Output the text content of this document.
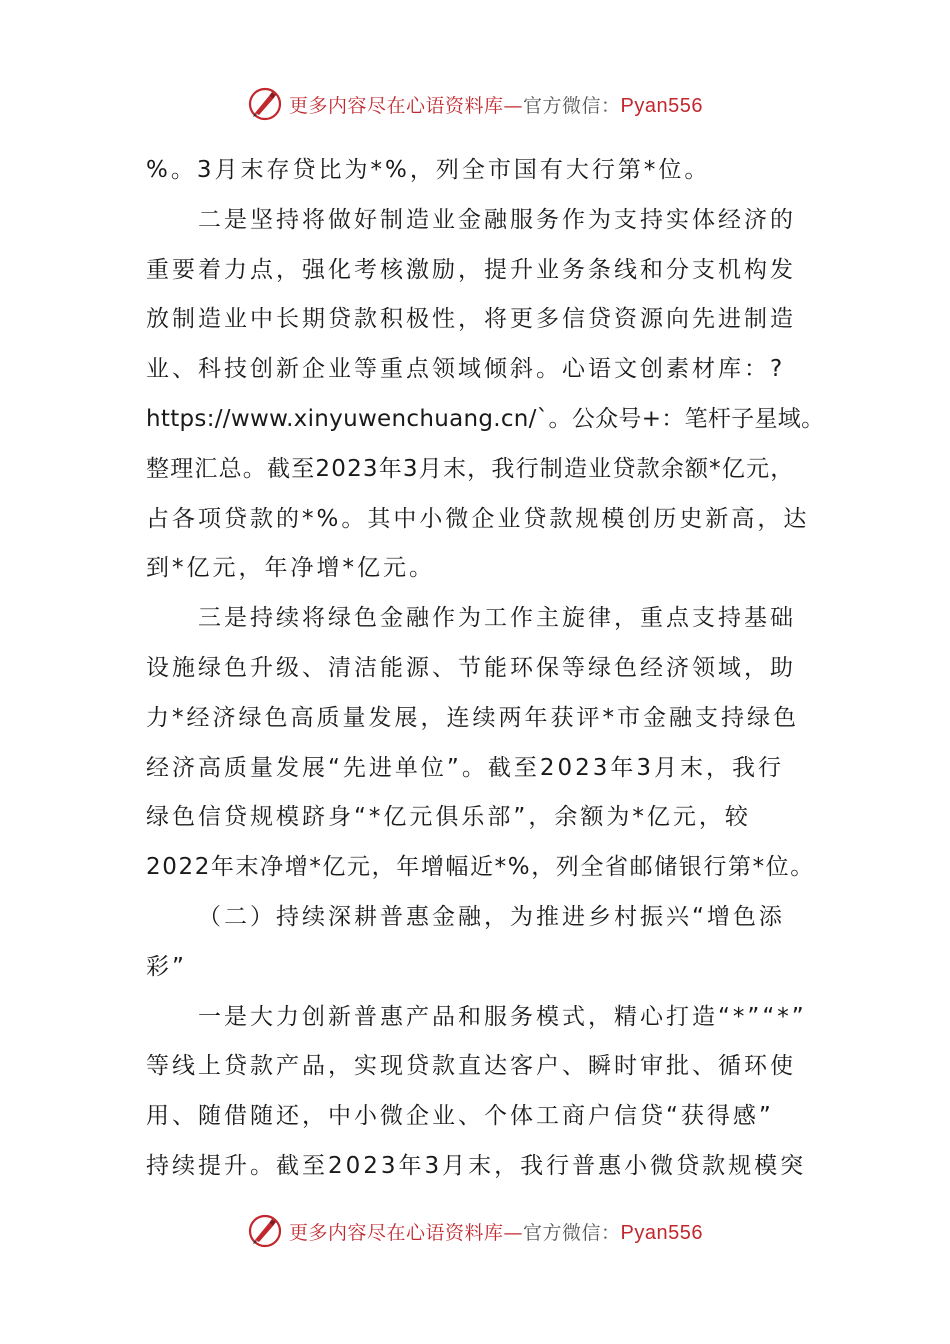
更多内容尽在心语资料库—官方微信：Pyan556
%。3月末存贷比为*%，列全市国有大行第*位。
二是坚持将做好制造业金融服务作为支持实体经济的
重要着力点，强化考核激励，提升业务条线和分支机构发
放制造业中长期贷款积极性，将更多信贷资源向先进制造
业、科技创新企业等重点领域倾斜。心语文创素材库：?
https://www.xinyuwenchuang.cn/`。公众号+：笔杆子星域。
整理汇总。截至2023年3月末，我行制造业贷款余额*亿元，
占各项贷款的*%。其中小微企业贷款规模创历史新高，达
到*亿元，年净增*亿元。
三是持续将绿色金融作为工作主旋律，重点支持基础
设施绿色升级、清洁能源、节能环保等绿色经济领域，助
力*经济绿色高质量发展，连续两年获评*市金融支持绿色
经济高质量发展“先进单位”。截至2023年3月末，我行
绿色信贷规模跻身“*亿元俱乐部”，余额为*亿元，较
2022年末净增*亿元，年增幅近*%，列全省邮储银行第*位。
（二）持续深耕普惠金融，为推进乡村振兴“增色添
彩”
一是大力创新普惠产品和服务模式，精心打造“*”“*”
等线上贷款产品，实现贷款直达客户、瞬时审批、循环使
用、随借随还，中小微企业、个体工商户信贷“获得感”
持续提升。截至2023年3月末，我行普惠小微贷款规模突
更多内容尽在心语资料库—官方微信：Pyan556
